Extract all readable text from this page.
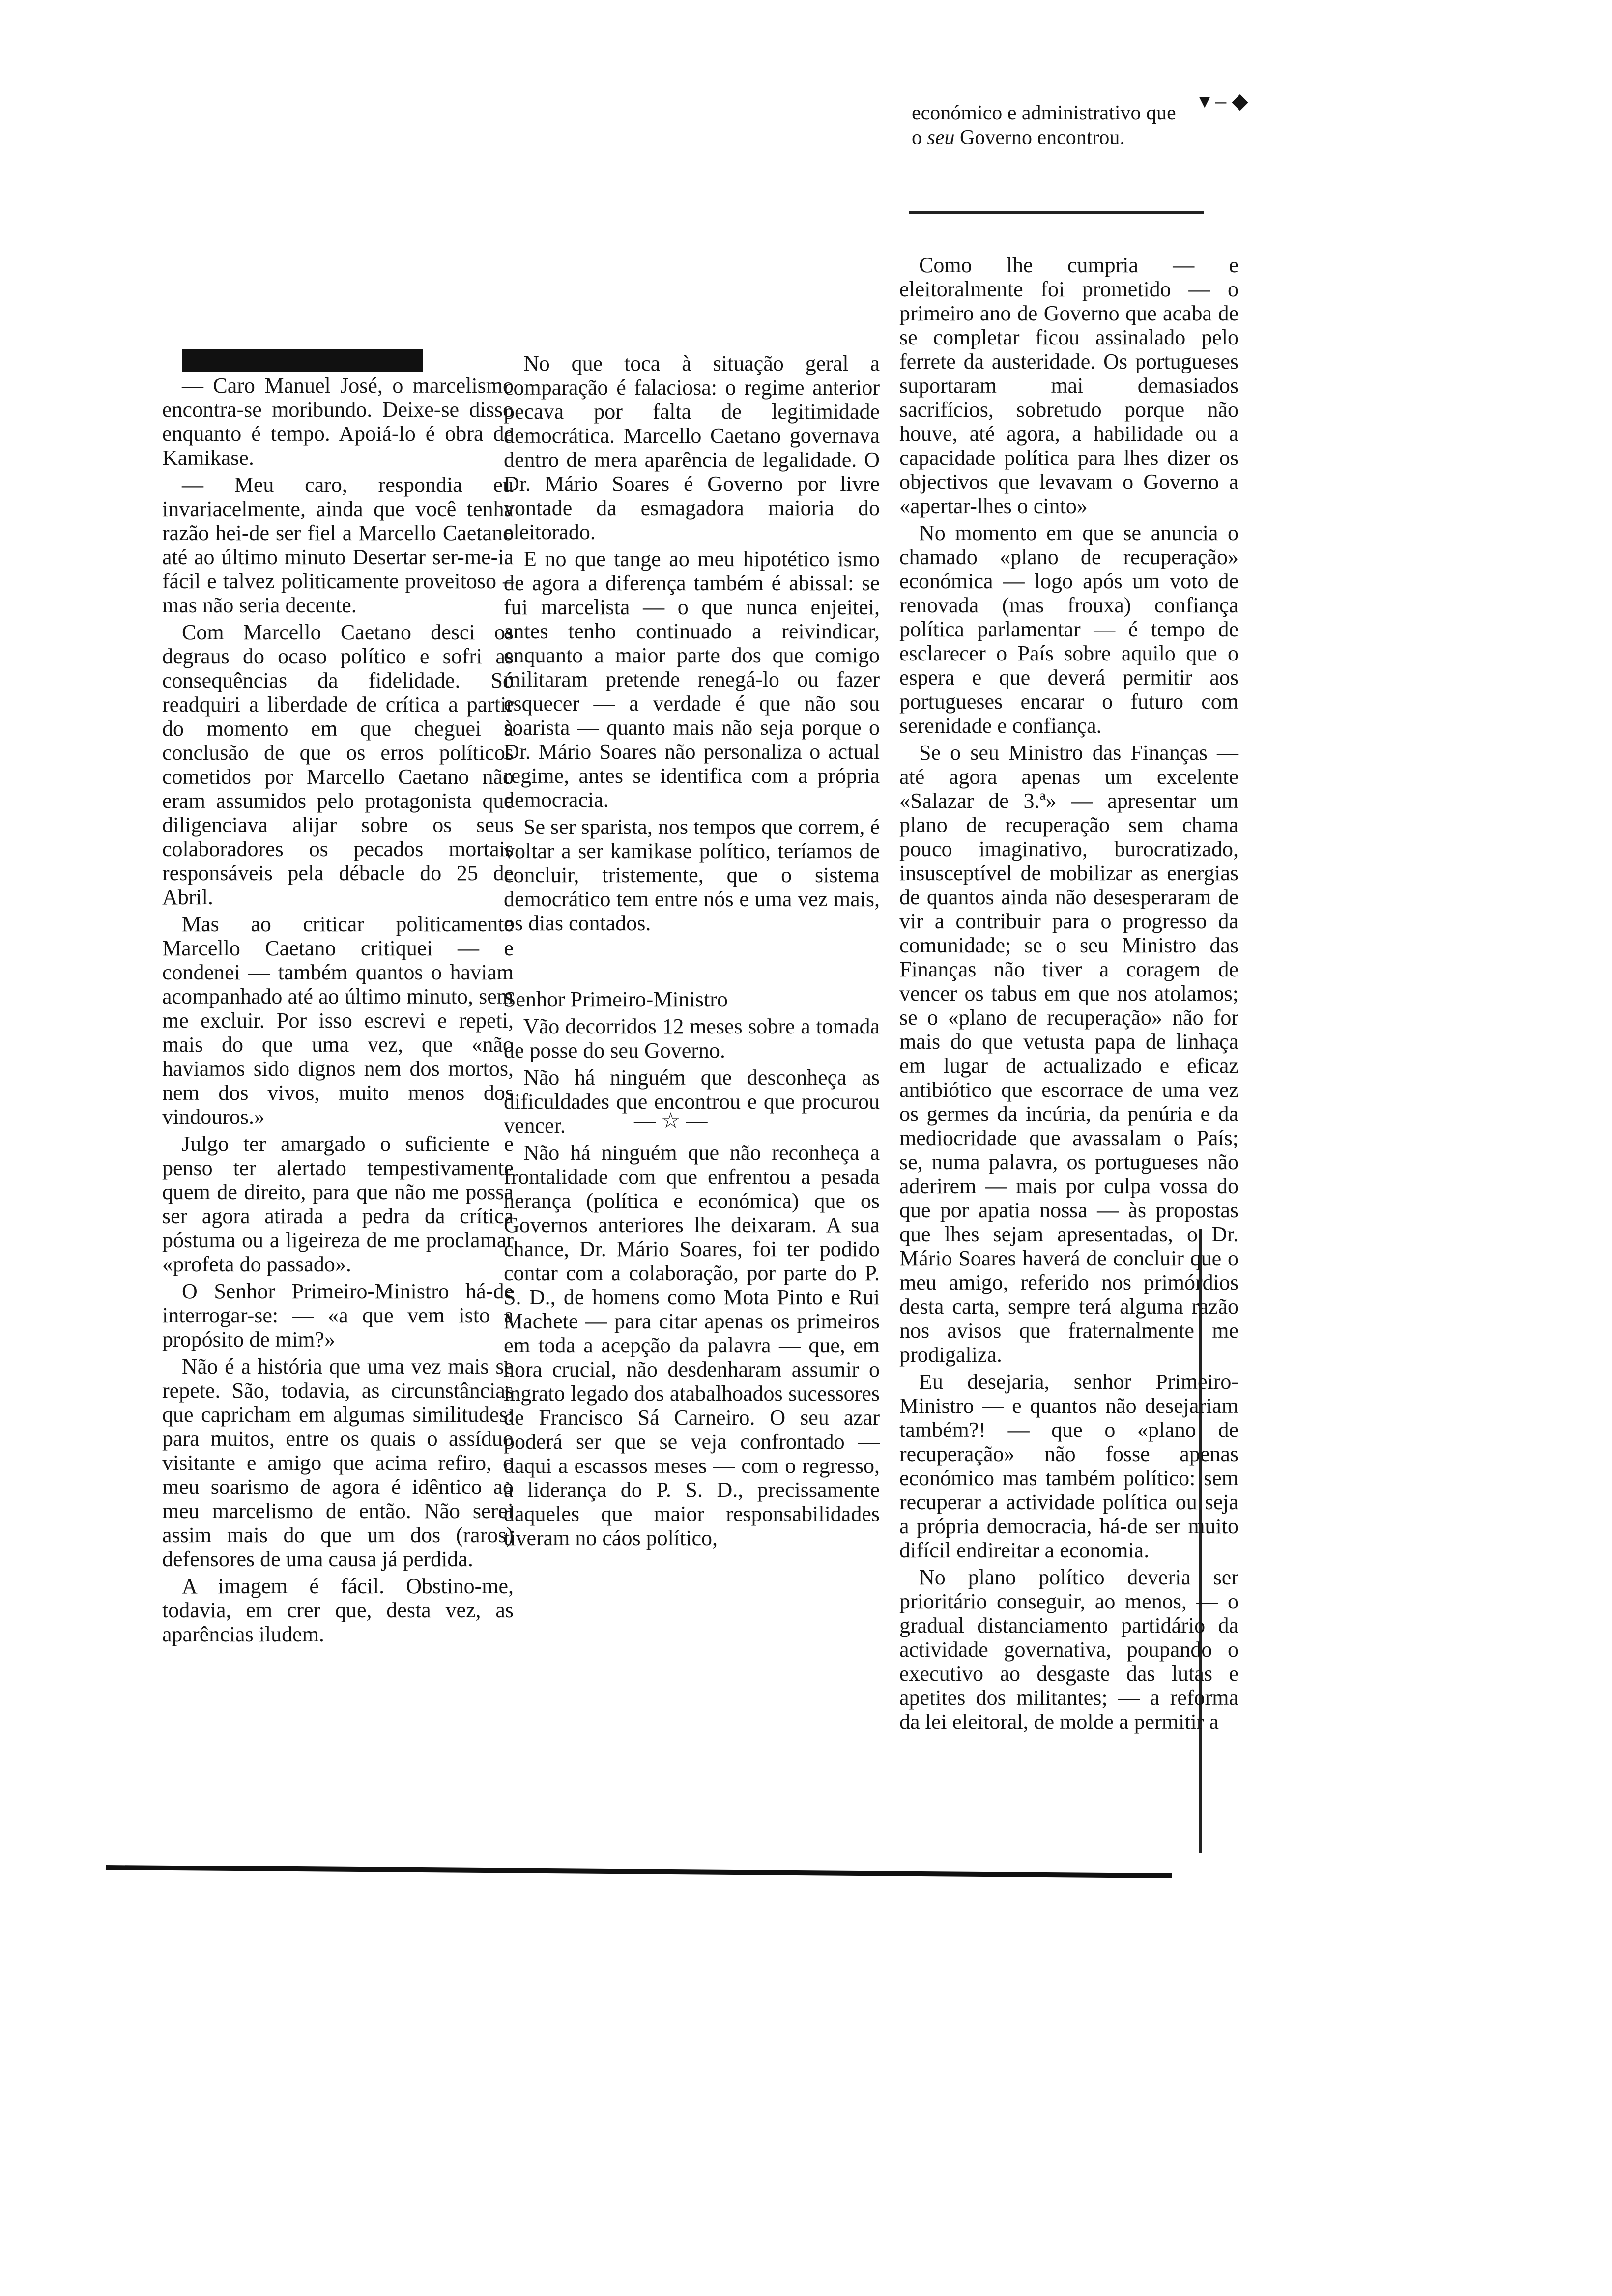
▾ ‒ ◆
económico e administrativo que
o seu Governo encontrou.

— Caro Manuel José, o marcelismo encontra-se moribundo. Deixe-se disso enquanto é tempo. Apoiá-lo é obra de Kamikase.

— Meu caro, respondia eu invariacelmente, ainda que você tenha razão hei-de ser fiel a Marcello Caetano até ao último minuto Desertar ser-me-ia fácil e talvez politicamente proveitoso – mas não seria decente.

Com Marcello Caetano desci os degraus do ocaso político e sofri as consequências da fidelidade. Só readquiri a liberdade de crítica a partir do momento em que cheguei à conclusão de que os erros políticos cometidos por Marcello Caetano não eram assumidos pelo protagonista que diligenciava alijar sobre os seus colaboradores os pecados mortais responsáveis pela débacle do 25 de Abril.

Mas ao criticar politicamente Marcello Caetano critiquei — e condenei — também quantos o haviam acompanhado até ao último minuto, sem me excluir. Por isso escrevi e repeti, mais do que uma vez, que «não haviamos sido dignos nem dos mortos, nem dos vivos, muito menos dos vindouros.»

Julgo ter amargado o suficiente e penso ter alertado tempestivamente quem de direito, para que não me possa ser agora atirada a pedra da crítica póstuma ou a ligeireza de me proclamar «profeta do passado».

O Senhor Primeiro-Ministro há-de interrogar-se: — «a que vem isto a propósito de mim?»

Não é a história que uma vez mais se repete. São, todavia, as circunstâncias que capricham em algumas similitudes: para muitos, entre os quais o assíduo visitante e amigo que acima refiro, o meu soarismo de agora é idêntico ao meu marcelismo de então. Não serei assim mais do que um dos (raros) defensores de uma causa já perdida.

A imagem é fácil. Obstino-me, todavia, em crer que, desta vez, as aparências iludem.

No que toca à situação geral a comparação é falaciosa: o regime anterior pecava por falta de legitimidade democrática. Marcello Caetano governava dentro de mera aparência de legalidade. O Dr. Mário Soares é Governo por livre vontade da esmagadora maioria do eleitorado.

E no que tange ao meu hipotético ismo de agora a diferença também é abissal: se fui marcelista — o que nunca enjeitei, antes tenho continuado a reivindicar, enquanto a maior parte dos que comigo militaram pretende renegá-lo ou fazer esquecer — a verdade é que não sou soarista — quanto mais não seja porque o Dr. Mário Soares não personaliza o actual regime, antes se identifica com a própria democracia.

Se ser sparista, nos tempos que correm, é voltar a ser kamikase político, teríamos de concluir, tristemente, que o sistema democrático tem entre nós e uma vez mais, os dias contados.

Senhor Primeiro-Ministro

Vão decorridos 12 meses sobre a tomada de posse do seu Governo.

Não há ninguém que desconheça as dificuldades que encontrou e que procurou vencer.

Não há ninguém que não reconheça a frontalidade com que enfrentou a pesada herança (política e económica) que os Governos anteriores lhe deixaram. A sua chance, Dr. Mário Soares, foi ter podido contar com a colaboração, por parte do P. S. D., de homens como Mota Pinto e Rui Machete — para citar apenas os primeiros em toda a acepção da palavra — que, em hora crucial, não desdenharam assumir o ingrato legado dos atabalhoados sucessores de Francisco Sá Carneiro. O seu azar poderá ser que se veja confrontado — daqui a escassos meses — com o regresso, à liderança do P. S. D., precissamente daqueles que maior responsabilidades tiveram no cáos político,

— ☆ —

Como lhe cumpria — e eleitoralmente foi prometido — o primeiro ano de Governo que acaba de se completar ficou assinalado pelo ferrete da austeridade. Os portugueses suportaram mai demasiados sacrifícios, sobretudo porque não houve, até agora, a habilidade ou a capacidade política para lhes dizer os objectivos que levavam o Governo a «apertar-lhes o cinto»

No momento em que se anuncia o chamado «plano de recuperação» económica — logo após um voto de renovada (mas frouxa) confiança política parlamentar — é tempo de esclarecer o País sobre aquilo que o espera e que deverá permitir aos portugueses encarar o futuro com serenidade e confiança.

Se o seu Ministro das Finanças — até agora apenas um excelente «Salazar de 3.ª» — apresentar um plano de recuperação sem chama pouco imaginativo, burocratizado, insusceptível de mobilizar as energias de quantos ainda não desesperaram de vir a contribuir para o progresso da comunidade; se o seu Ministro das Finanças não tiver a coragem de vencer os tabus em que nos atolamos; se o «plano de recuperação» não for mais do que vetusta papa de linhaça em lugar de actualizado e eficaz antibiótico que escorrace de uma vez os germes da incúria, da penúria e da mediocridade que avassalam o País; se, numa palavra, os portugueses não aderirem — mais por culpa vossa do que por apatia nossa — às propostas que lhes sejam apresentadas, o Dr. Mário Soares haverá de concluir que o meu amigo, referido nos primórdios desta carta, sempre terá alguma razão nos avisos que fraternalmente me prodigaliza.

Eu desejaria, senhor Primeiro-Ministro — e quantos não desejariam também?! — que o «plano de recuperação» não fosse apenas económico mas também político: sem recuperar a actividade política ou seja a própria democracia, há-de ser muito difícil endireitar a economia.

No plano político deveria ser prioritário conseguir, ao menos, — o gradual distanciamento partidário da actividade governativa, poupando o executivo ao desgaste das lutas e apetites dos militantes; — a reforma da lei eleitoral, de molde a permitir a
